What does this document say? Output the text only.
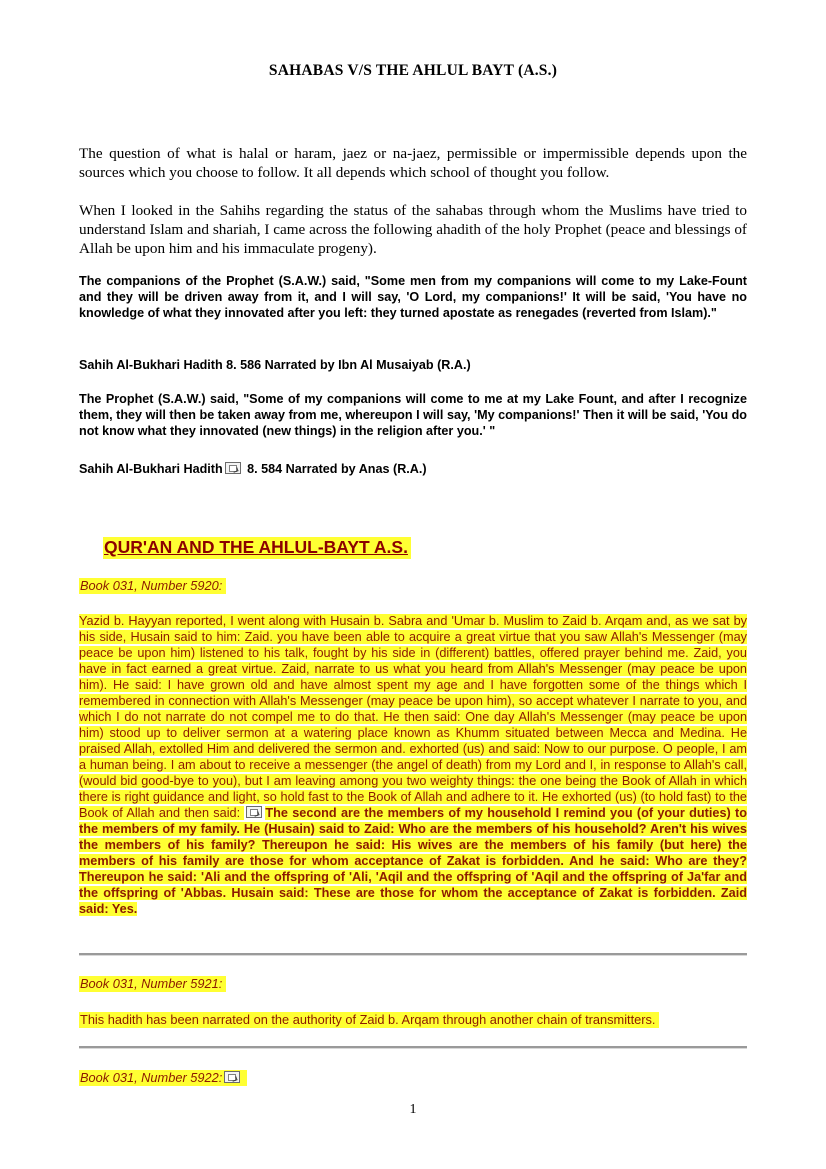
SAHABAS V/S THE AHLUL BAYT (A.S.)
The question of what is halal or haram, jaez or na-jaez, permissible or impermissible depends upon the sources which you choose to follow. It all depends which school of thought you follow.
When I looked in the Sahihs regarding the status of the sahabas through whom the Muslims have tried to understand Islam and shariah, I came across the following ahadith of the holy Prophet (peace and blessings of Allah be upon him and his immaculate progeny).
The companions of the Prophet (S.A.W.) said, "Some men from my companions will come to my Lake-Fount and they will be driven away from it, and I will say, 'O Lord, my companions!' It will be said, 'You have no knowledge of what they innovated after you left: they turned apostate as renegades (reverted from Islam)."
Sahih Al-Bukhari Hadith 8. 586 Narrated by Ibn Al Musaiyab (R.A.)
The Prophet (S.A.W.) said, "Some of my companions will come to me at my Lake Fount, and after I recognize them, they will then be taken away from me, whereupon I will say, 'My companions!' Then it will be said, 'You do not know what they innovated (new things) in the religion after you.' "
Sahih Al-Bukhari Hadith 8. 584 Narrated by Anas (R.A.)
QUR'AN AND THE AHLUL-BAYT A.S.
Book 031, Number 5920:
Yazid b. Hayyan reported, I went along with Husain b. Sabra and 'Umar b. Muslim to Zaid b. Arqam and, as we sat by his side, Husain said to him: Zaid. you have been able to acquire a great virtue that you saw Allah's Messenger (may peace be upon him) listened to his talk, fought by his side in (different) battles, offered prayer behind me. Zaid, you have in fact earned a great virtue. Zaid, narrate to us what you heard from Allah's Messenger (may peace be upon him). He said: I have grown old and have almost spent my age and I have forgotten some of the things which I remembered in connection with Allah's Messenger (may peace be upon him), so accept whatever I narrate to you, and which I do not narrate do not compel me to do that. He then said: One day Allah's Messenger (may peace be upon him) stood up to deliver sermon at a watering place known as Khumm situated between Mecca and Medina. He praised Allah, extolled Him and delivered the sermon and. exhorted (us) and said: Now to our purpose. O people, I am a human being. I am about to receive a messenger (the angel of death) from my Lord and I, in response to Allah's call, (would bid good-bye to you), but I am leaving among you two weighty things: the one being the Book of Allah in which there is right guidance and light, so hold fast to the Book of Allah and adhere to it. He exhorted (us) (to hold fast) to the Book of Allah and then said: The second are the members of my household I remind you (of your duties) to the members of my family. He (Husain) said to Zaid: Who are the members of his household? Aren't his wives the members of his family? Thereupon he said: His wives are the members of his family (but here) the members of his family are those for whom acceptance of Zakat is forbidden. And he said: Who are they? Thereupon he said: 'Ali and the offspring of 'Ali, 'Aqil and the offspring of 'Aqil and the offspring of Ja'far and the offspring of 'Abbas. Husain said: These are those for whom the acceptance of Zakat is forbidden. Zaid said: Yes.
Book 031, Number 5921:
This hadith has been narrated on the authority of Zaid b. Arqam through another chain of transmitters.
Book 031, Number 5922:
1
